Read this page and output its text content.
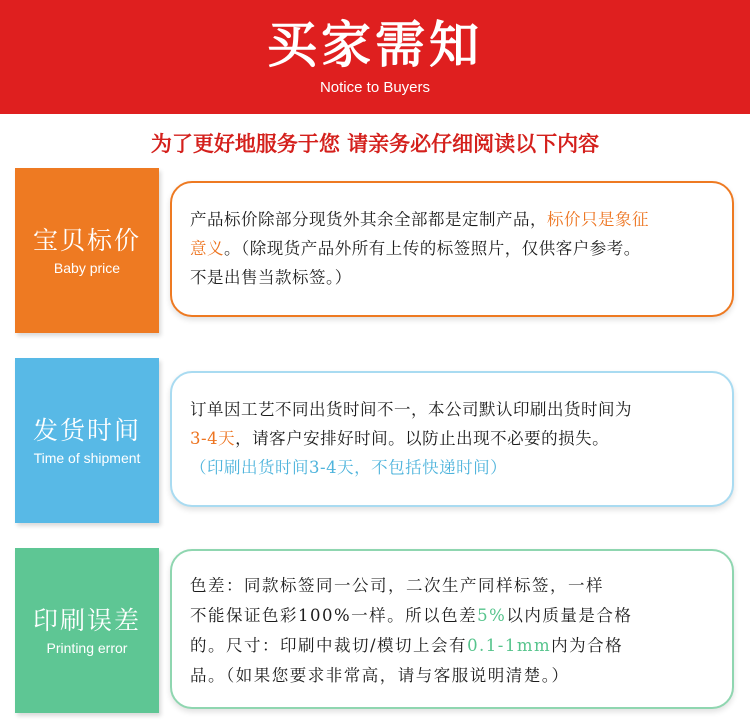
买家需知
Notice to Buyers
为了更好地服务于您 请亲务必仔细阅读以下内容
宝贝标价
Baby price
产品标价除部分现货外其余全部都是定制产品，标价只是象征
意义。（除现货产品外所有上传的标签照片，仅供客户参考。
不是出售当款标签。）
发货时间
Time of shipment
订单因工艺不同出货时间不一，本公司默认印刷出货时间为
3-4天，请客户安排好时间。以防止出现不必要的损失。
（印刷出货时间3-4天，不包括快递时间）
印刷误差
Printing error
色差：同款标签同一公司，二次生产同样标签，一样
不能保证色彩100%一样。所以色差5%以内质量是合格
的。尺寸：印刷中裁切/模切上会有0.1-1mm内为合格
品。（如果您要求非常高，请与客服说明清楚。）
